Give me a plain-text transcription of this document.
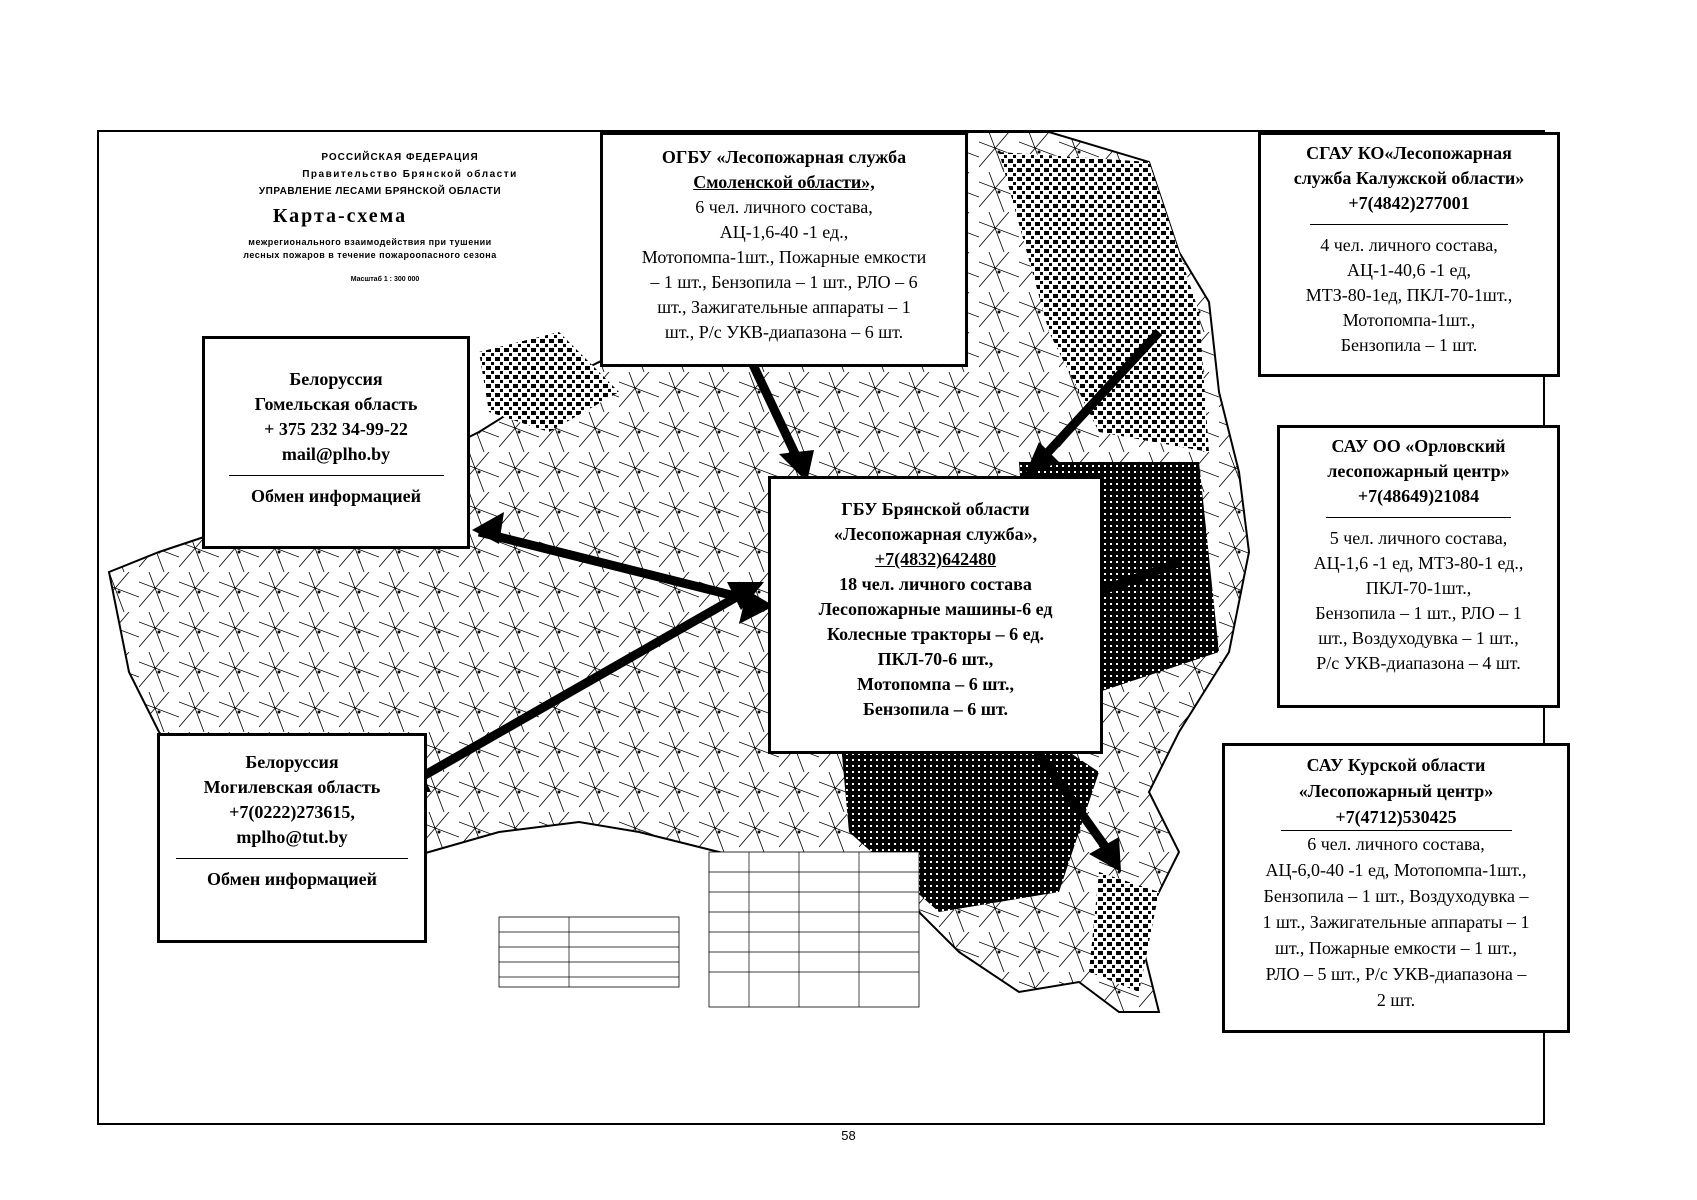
РОССИЙСКАЯ ФЕДЕРАЦИЯ
Правительство Брянской области
УПРАВЛЕНИЕ ЛЕСАМИ БРЯНСКОЙ ОБЛАСТИ
Карта-схема
межрегионального взаимодействия при тушении
лесных пожаров в течение пожароопасного сезона
Масштаб 1 : 300 000
ОГБУ «Лесопожарная служба
Смоленской области»,
6 чел. личного состава,
АЦ-1,6-40 -1 ед.,
Мотопомпа-1шт., Пожарные емкости
– 1 шт., Бензопила – 1 шт., РЛО – 6
шт., Зажигательные аппараты – 1
шт., Р/с УКВ-диапазона – 6 шт.
СГАУ КО«Лесопожарная
служба Калужской области»
+7(4842)277001
4 чел. личного состава,
АЦ-1-40,6 -1 ед,
МТЗ-80-1ед, ПКЛ-70-1шт.,
Мотопомпа-1шт.,
Бензопила – 1 шт.
Белоруссия
Гомельская область
+ 375 232 34-99-22
mail@plho.by
Обмен информацией
ГБУ Брянской области
«Лесопожарная служба»,
+7(4832)642480
18 чел. личного состава
Лесопожарные машины-6 ед
Колесные тракторы – 6 ед.
ПКЛ-70-6 шт.,
Мотопомпа – 6 шт.,
Бензопила – 6 шт.
САУ ОО «Орловский
лесопожарный центр»
+7(48649)21084
5 чел. личного состава,
АЦ-1,6 -1 ед, МТЗ-80-1 ед.,
ПКЛ-70-1шт.,
Бензопила – 1 шт., РЛО – 1
шт., Воздуходувка – 1 шт.,
Р/с УКВ-диапазона – 4 шт.
Белоруссия
Могилевская область
+7(0222)273615,
mplho@tut.by
Обмен информацией
САУ Курской области
«Лесопожарный центр»
+7(4712)530425
6 чел. личного состава,
АЦ-6,0-40 -1 ед, Мотопомпа-1шт.,
Бензопила – 1 шт., Воздуходувка –
1 шт., Зажигательные аппараты – 1
шт., Пожарные емкости – 1 шт.,
РЛО – 5 шт., Р/с УКВ-диапазона –
2 шт.
58
